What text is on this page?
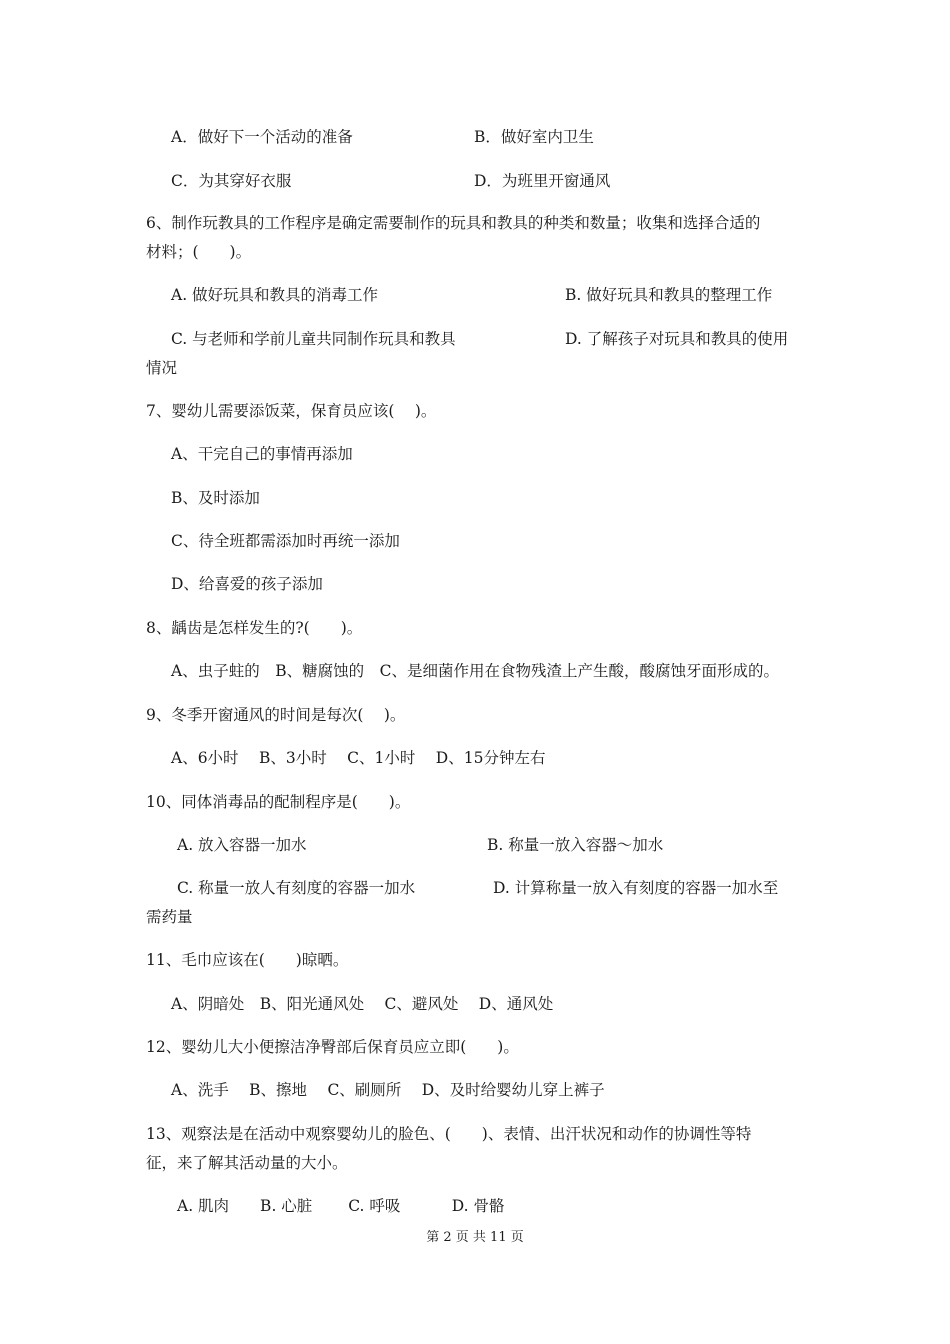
A．做好下一个活动的准备	B．做好室内卫生
C．为其穿好衣服	D．为班里开窗通风
6、制作玩教具的工作程序是确定需要制作的玩具和教具的种类和数量；收集和选择合适的
材料；(　　)。
A. 做好玩具和教具的消毒工作	B. 做好玩具和教具的整理工作
C. 与老师和学前儿童共同制作玩具和教具	D. 了解孩子对玩具和教具的使用
情况
7、婴幼儿需要添饭菜，保育员应该(　 )。
A、干完自己的事情再添加
B、及时添加
C、待全班都需添加时再统一添加
D、给喜爱的孩子添加
8、龋齿是怎样发生的?(　　)。
A、虫子蛀的　B、糖腐蚀的　C、是细菌作用在食物残渣上产生酸，酸腐蚀牙面形成的。
9、冬季开窗通风的时间是每次(　 )。
A、6小时　 B、3小时　 C、1小时　 D、15分钟左右
10、同体消毒品的配制程序是(　　)。
A. 放入容器一加水	B. 称量一放入容器～加水
C. 称量一放人有刻度的容器一加水	D. 计算称量一放入有刻度的容器一加水至
需药量
11、毛巾应该在(　　)晾晒。
A、阴暗处　B、阳光通风处　 C、避风处　 D、通风处
12、婴幼儿大小便擦洁净臀部后保育员应立即(　　)。
A、洗手　 B、擦地　 C、刷厕所　 D、及时给婴幼儿穿上裤子
13、观察法是在活动中观察婴幼儿的脸色、(　　)、表情、出汗状况和动作的协调性等特
征，来了解其活动量的大小。
A. 肌肉　　B. 心脏　　 C. 呼吸　　　 D. 骨骼
第 2 页 共 11 页
